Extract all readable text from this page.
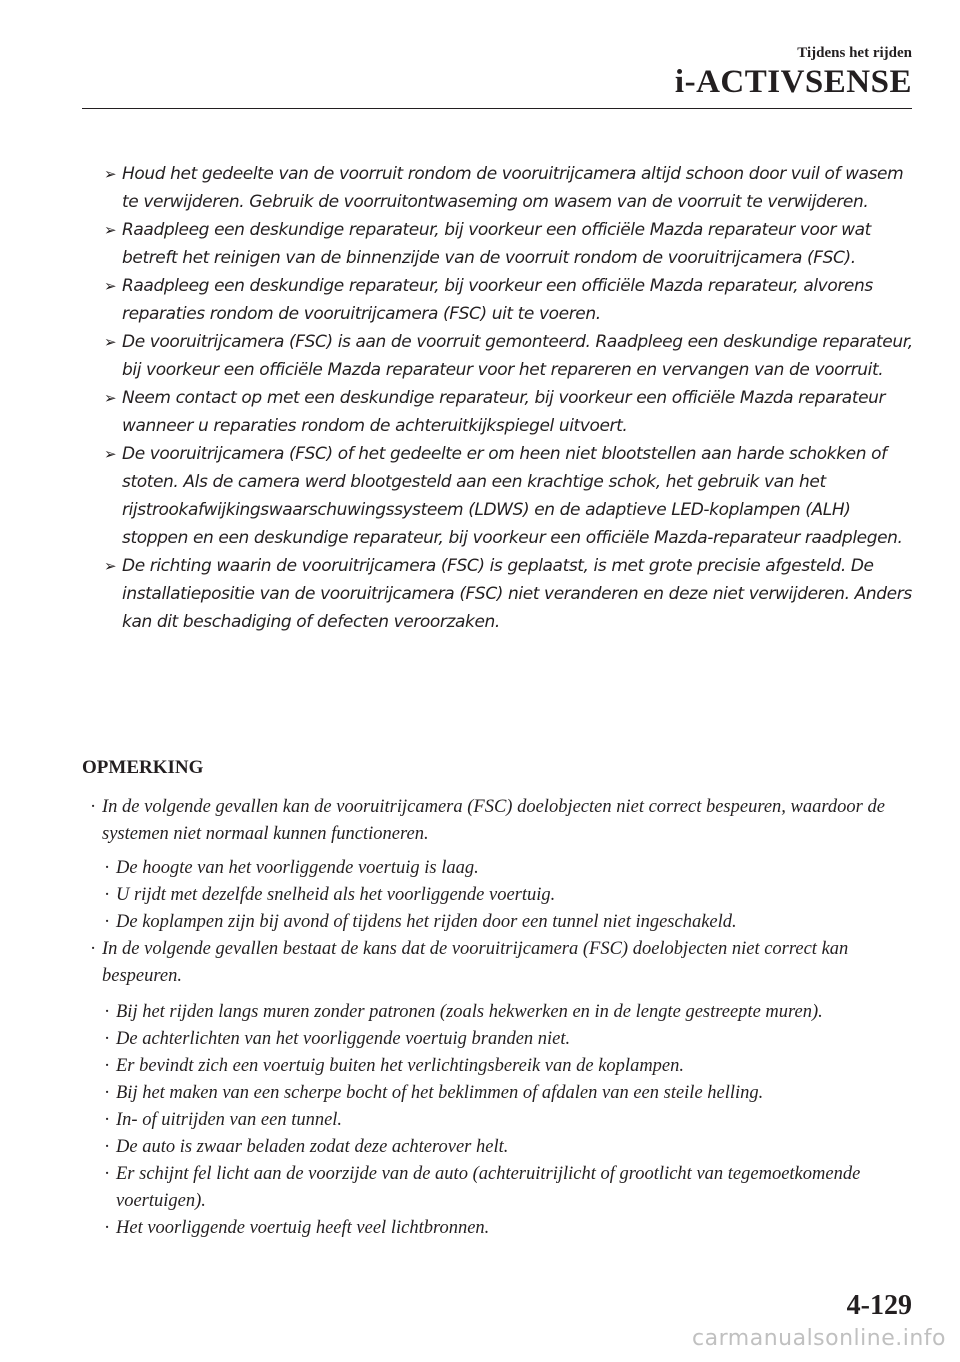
Tijdens het rijden
i-ACTIVSENSE
➢ Houd het gedeelte van de voorruit rondom de vooruitrijcamera altijd schoon door vuil of wasem te verwijderen. Gebruik de voorruitontwaseming om wasem van de voorruit te verwijderen.
➢ Raadpleeg een deskundige reparateur, bij voorkeur een officiële Mazda reparateur voor wat betreft het reinigen van de binnenzijde van de voorruit rondom de vooruitrijcamera (FSC).
➢ Raadpleeg een deskundige reparateur, bij voorkeur een officiële Mazda reparateur, alvorens reparaties rondom de vooruitrijcamera (FSC) uit te voeren.
➢ De vooruitrijcamera (FSC) is aan de voorruit gemonteerd. Raadpleeg een deskundige reparateur, bij voorkeur een officiële Mazda reparateur voor het repareren en vervangen van de voorruit.
➢ Neem contact op met een deskundige reparateur, bij voorkeur een officiële Mazda reparateur wanneer u reparaties rondom de achteruitkijkspiegel uitvoert.
➢ De vooruitrijcamera (FSC) of het gedeelte er om heen niet blootstellen aan harde schokken of stoten. Als de camera werd blootgesteld aan een krachtige schok, het gebruik van het rijstrookafwijkingswaarschuwingssysteem (LDWS) en de adaptieve LED-koplampen (ALH) stoppen en een deskundige reparateur, bij voorkeur een officiële Mazda-reparateur raadplegen.
➢ De richting waarin de vooruitrijcamera (FSC) is geplaatst, is met grote precisie afgesteld. De installatiepositie van de vooruitrijcamera (FSC) niet veranderen en deze niet verwijderen. Anders kan dit beschadiging of defecten veroorzaken.
OPMERKING
· In de volgende gevallen kan de vooruitrijcamera (FSC) doelobjecten niet correct bespeuren, waardoor de systemen niet normaal kunnen functioneren.
· De hoogte van het voorliggende voertuig is laag.
· U rijdt met dezelfde snelheid als het voorliggende voertuig.
· De koplampen zijn bij avond of tijdens het rijden door een tunnel niet ingeschakeld.
· In de volgende gevallen bestaat de kans dat de vooruitrijcamera (FSC) doelobjecten niet correct kan bespeuren.
· Bij het rijden langs muren zonder patronen (zoals hekwerken en in de lengte gestreepte muren).
· De achterlichten van het voorliggende voertuig branden niet.
· Er bevindt zich een voertuig buiten het verlichtingsbereik van de koplampen.
· Bij het maken van een scherpe bocht of het beklimmen of afdalen van een steile helling.
· In- of uitrijden van een tunnel.
· De auto is zwaar beladen zodat deze achterover helt.
· Er schijnt fel licht aan de voorzijde van de auto (achteruitrijlicht of grootlicht van tegemoetkomende voertuigen).
· Het voorliggende voertuig heeft veel lichtbronnen.
4-129
carmanualsonline.info
